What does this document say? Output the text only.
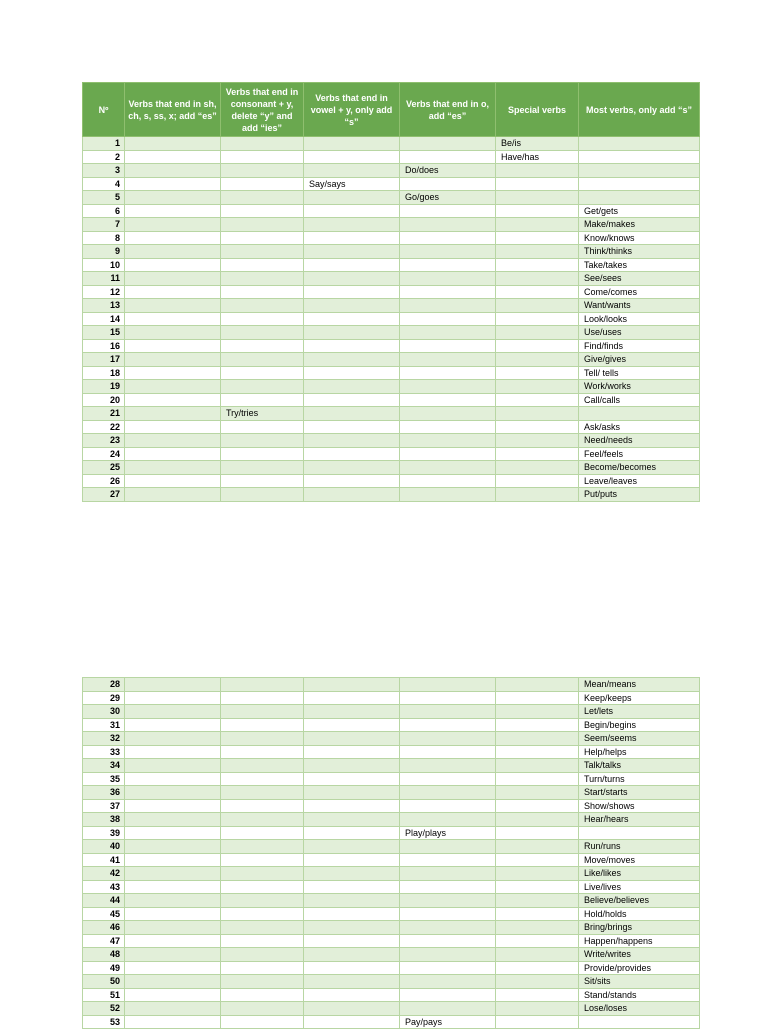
Nº	Verbs that end in sh, ch, s, ss, x; add “es”	Verbs that end in consonant + y, delete “y” and add “ies”	Verbs that end in vowel + y, only add “s”	Verbs that end in o, add “es”	Special verbs	Most verbs, only add “s”
1					Be/is	
2					Have/has	
3				Do/does		
4			Say/says			
5				Go/goes		
6						Get/gets
7						Make/makes
8						Know/knows
9						Think/thinks
10						Take/takes
11						See/sees
12						Come/comes
13						Want/wants
14						Look/looks
15						Use/uses
16						Find/finds
17						Give/gives
18						Tell/ tells
19						Work/works
20						Call/calls
21		Try/tries				
22						Ask/asks
23						Need/needs
24						Feel/feels
25						Become/becomes
26						Leave/leaves
27						Put/puts
28						Mean/means
29						Keep/keeps
30						Let/lets
31						Begin/begins
32						Seem/seems
33						Help/helps
34						Talk/talks
35						Turn/turns
36						Start/starts
37						Show/shows
38						Hear/hears
39				Play/plays		
40						Run/runs
41						Move/moves
42						Like/likes
43						Live/lives
44						Believe/believes
45						Hold/holds
46						Bring/brings
47						Happen/happens
48						Write/writes
49						Provide/provides
50						Sit/sits
51						Stand/stands
52						Lose/loses
53				Pay/pays		
